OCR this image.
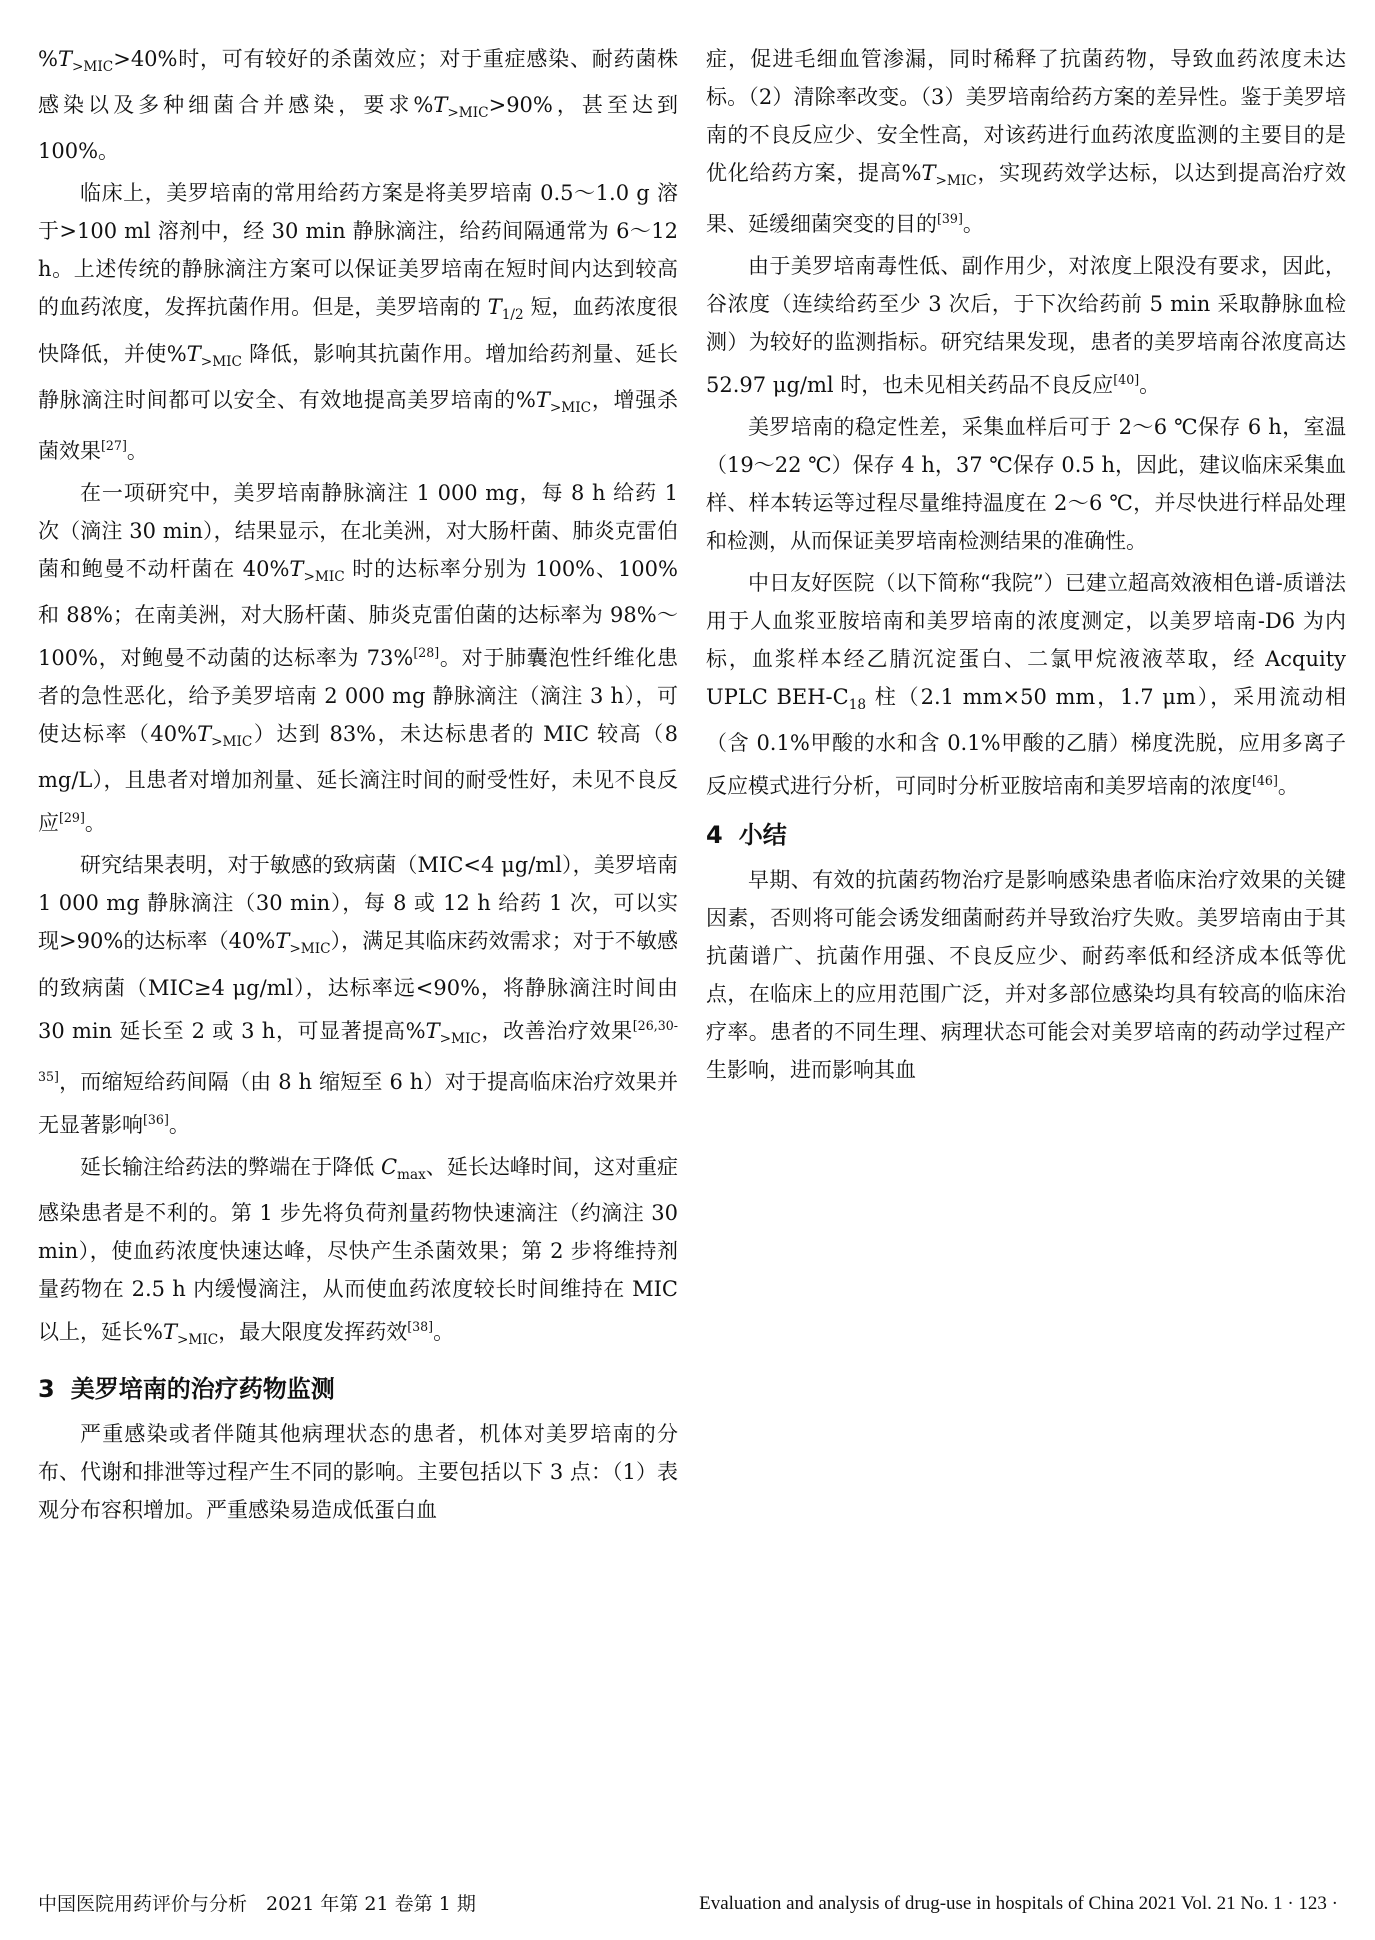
$\%T_{>MIC}>40\%$时，可有较好的杀菌效应；对于重症感染、耐药菌株感染以及多种细菌合并感染，要求$\%T_{>MIC}>90\%$，甚至达到 100%。

临床上，美罗培南的常用给药方案是将美罗培南 0.5～1.0 g 溶于>100 ml 溶剂中，经 30 min 静脉滴注，给药间隔通常为 6～12 h。上述传统的静脉滴注方案可以保证美罗培南在短时间内达到较高的血药浓度，发挥抗菌作用。但是，美罗培南的 $T_{1/2}$ 短，血药浓度很快降低，并使$\%T_{>MIC}$ 降低，影响其抗菌作用。增加给药剂量、延长静脉滴注时间都可以安全、有效地提高美罗培南的$\%T_{>MIC}$，增强杀菌效果[27]。

在一项研究中，美罗培南静脉滴注 1 000 mg，每 8 h 给药 1 次（滴注 30 min），结果显示，在北美洲，对大肠杆菌、肺炎克雷伯菌和鲍曼不动杆菌在 $40\%T_{>MIC}$ 时的达标率分别为 100%、100%和 88%；在南美洲，对大肠杆菌、肺炎克雷伯菌的达标率为 98%～100%，对鲍曼不动菌的达标率为 73%[28]。对于肺囊泡性纤维化患者的急性恶化，给予美罗培南 2 000 mg 静脉滴注（滴注 3 h），可使达标率$(40\%T_{>MIC})$达到 83%，未达标患者的 MIC 较高（8 mg/L），且患者对增加剂量、延长滴注时间的耐受性好，未见不良反应[29]。

研究结果表明，对于敏感的致病菌（MIC<4 μg/ml），美罗培南 1 000 mg 静脉滴注（30 min），每 8 或 12 h 给药 1 次，可以实现>90%的达标率$(40\%T_{>MIC})$，满足其临床药效需求；对于不敏感的致病菌（MIC≥4 μg/ml），达标率远<90%，将静脉滴注时间由 30 min 延长至 2 或 3 h，可显著提高$\%T_{>MIC}$，改善治疗效果[26,30-35]，而缩短给药间隔（由 8 h 缩短至 6 h）对于提高临床治疗效果并无显著影响[36]。

延长输注给药法的弊端在于降低 $C_{max}$、延长达峰时间，这对重症感染患者是不利的。第 1 步先将负荷剂量药物快速滴注（约滴注 30 min），使血药浓度快速达峰，尽快产生杀菌效果；第 2 步将维持剂量药物在 2.5 h 内缓慢滴注，从而使血药浓度较长时间维持在 MIC 以上，延长$\%T_{>MIC}$，最大限度发挥药效[38]。

3 美罗培南的治疗药物监测

严重感染或者伴随其他病理状态的患者，机体对美罗培南的分布、代谢和排泄等过程产生不同的影响。主要包括以下 3 点：（1）表观分布容积增加。严重感染易造成低蛋白血

症，促进毛细血管渗漏，同时稀释了抗菌药物，导致血药浓度未达标。（2）清除率改变。（3）美罗培南给药方案的差异性。鉴于美罗培南的不良反应少、安全性高，对该药进行血药浓度监测的主要目的是优化给药方案，提高$\%T_{>MIC}$，实现药效学达标，以达到提高治疗效果、延缓细菌突变的目的[39]。

由于美罗培南毒性低、副作用少，对浓度上限没有要求，因此，谷浓度（连续给药至少 3 次后，于下次给药前 5 min 采取静脉血检测）为较好的监测指标。研究结果发现，患者的美罗培南谷浓度高达 52.97 μg/ml 时，也未见相关药品不良反应[40]。

美罗培南的稳定性差，采集血样后可于 2～6 ℃保存 6 h，室温（19～22 ℃）保存 4 h，37 ℃保存 0.5 h，因此，建议临床采集血样、样本转运等过程尽量维持温度在 2～6 ℃，并尽快进行样品处理和检测，从而保证美罗培南检测结果的准确性。

中日友好医院（以下简称“我院”）已建立超高效液相色谱-质谱法用于人血浆亚胺培南和美罗培南的浓度测定，以美罗培南-D6 为内标，血浆样本经乙腈沉淀蛋白、二氯甲烷液液萃取，经 Acquity UPLC BEH-$C_{18}$ 柱（2.1 mm×50 mm，1.7 μm），采用流动相（含 0.1%甲酸的水和含 0.1%甲酸的乙腈）梯度洗脱，应用多离子反应模式进行分析，可同时分析亚胺培南和美罗培南的浓度[46]。

4 小结

早期、有效的抗菌药物治疗是影响感染患者临床治疗效果的关键因素，否则将可能会诱发细菌耐药并导致治疗失败。美罗培南由于其抗菌谱广、抗菌作用强、不良反应少、耐药率低和经济成本低等优点，在临床上的应用范围广泛，并对多部位感染均具有较高的临床治疗率。患者的不同生理、病理状态可能会对美罗培南的药动学过程产生影响，进而影响其血

中国医院用药评价与分析　2021 年第 21 卷第 1 期	Evaluation and analysis of drug-use in hospitals of China 2021 Vol. 21 No. 1 · 123 ·
